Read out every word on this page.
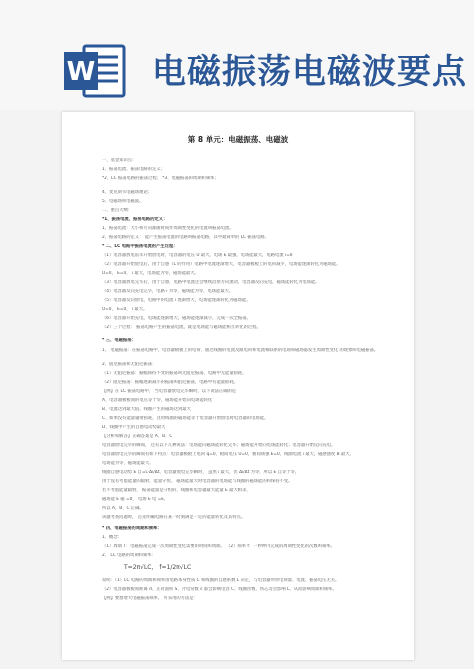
W 电磁振荡电磁波要点
第 8 单元：电磁振荡、电磁波
一、基金知识点：
1、振荡电流、振荡电路的定义；
*2、LC 振荡电路的振荡过程； *3、电磁振荡的周期和频率；
4、麦克斯韦电磁场理论；
5、电磁场和电磁波。
二、重点大纲：
*1、振荡电流、振荡电路的定义：
1、振荡电流：大小和方向都随时间作周期性变化的电流叫振荡电流。
2、振荡电路的定义： 能产生振荡电流的电路叫振荡电路，其中最简单的 LC 振荡电路。
* 二、LC 电路中振荡电流的产生过程：
（1）电容器放电前未开始放电时，电容器的电压 U 最大，电场 E 最强，电场能最大，电路电流 i=0
（2）电容器开始放电后，由于自感（L 的作用）电路中电流逐渐增大，电容器极板上的电荷减少，电场能逐渐转化为磁场能。
U=0， E=0， i 最大，电场能为零，磁场能最大。
（3）电容器放电完毕后，由于自感，电路中电流还会继续沿原方向流动，电容器反向充电，磁场能转化为电场能。
（4）电容器反向充电完毕，电路 i 为零，磁场能为零，电场能最大。
（5）电容器反向放电，电路中的电流 i 逐渐增大，电场能逐渐转化为磁场能。
U=0， E=0， i 最大。
（6）电容器开始充电，电场能逐渐增大，磁场能逐渐减小，完成一次全振荡。
（2）三个过程： 振荡电路产生的振荡电流，就是电场能与磁场能相互转化的过程。
* 三、电磁振荡：
1、 电磁振荡：在振荡电路中，电容器极板上的电荷、通过线圈的电流及跟电荷和电流相联系的电场和磁场都发生周期性变化 的现象叫电磁振荡。
2、阻尼振荡和无阻尼振荡：
（1）无阻尼振荡：振幅保持不变的振荡叫无阻尼振荡，电路中无能量损耗。
（2）阻尼振荡：振幅逐渐减小的振荡叫阻尼振荡，电路中有能量损耗。
【例】在 LC 振荡电路中， 当电容器放电完毕瞬时，以下说法正确的是
A、电容器极板间的电压等于零，磁场能开始向电场能转化
B、电流达到最大值，线圈产生的磁场达到最大
C、如果没有能量辐射损耗，这时线圈的磁场能等于电容器开始放电时电容器的电场能。
D、线圈中产生的自感电动势最大
【分析和解答】正确答案是 A、B、C
电容器放电完毕的瞬间， 还有以下几种说法：电场能向磁场能转化完毕；磁场能开始向电场能转化；电容器开始反向充电。
电容器放电完毕的瞬间有如下特点：电容器极板上电荷 q=0，板间电压 U=0，板间场强 E=0，线圈电流 i 最大，磁感强度 B 最大，
电场能为零，磁场能最大。
线圈自感电动势 E 自=L·Δi/Δt，电容器放电完毕瞬时， 虽然 i 最大，但 Δi/Δt 为零，所以 E 自等于零。
由于没有考虑能量的辐射，能量守恒， 磁场能最大时电容器的电场能与线圈的磁场能的和保持不变。
若不考虑能量辐射， 振荡能量是守恒的，线圈和电容器最大能量 E 最大相等，
磁场能 E 磁 =0， 电场 E 电 =E，
所以 A、B、C 正确。
该题考查问题时， 首先明确电路在某一时刻满足一定的能量转化及其特点。
* 四、电磁振荡的周期和频率：
1、概念：
（1）周期 T：电磁振荡完成一次周期性变化需要的时间叫周期。 （2）频率 f：一秒钟内完成的周期性变化的次数叫频率。
2、 LC 电路的周期和频率：
T=2π√LC， f=1/2π√LC
说明：（1）LC 电路的周期和频率由电路本身性质 C 和线圈的自感系数 L 决定，与电容器所带电荷量、电流、振荡电压无关。
（2）电容器极板间距离 d、正对面积 S、介电常数 ε 都会影响电容 C；线圈匝数、铁芯等会影响 L，从而影响周期和频率。
【例】要想增大电磁振荡频率， 可采用的方法是：
